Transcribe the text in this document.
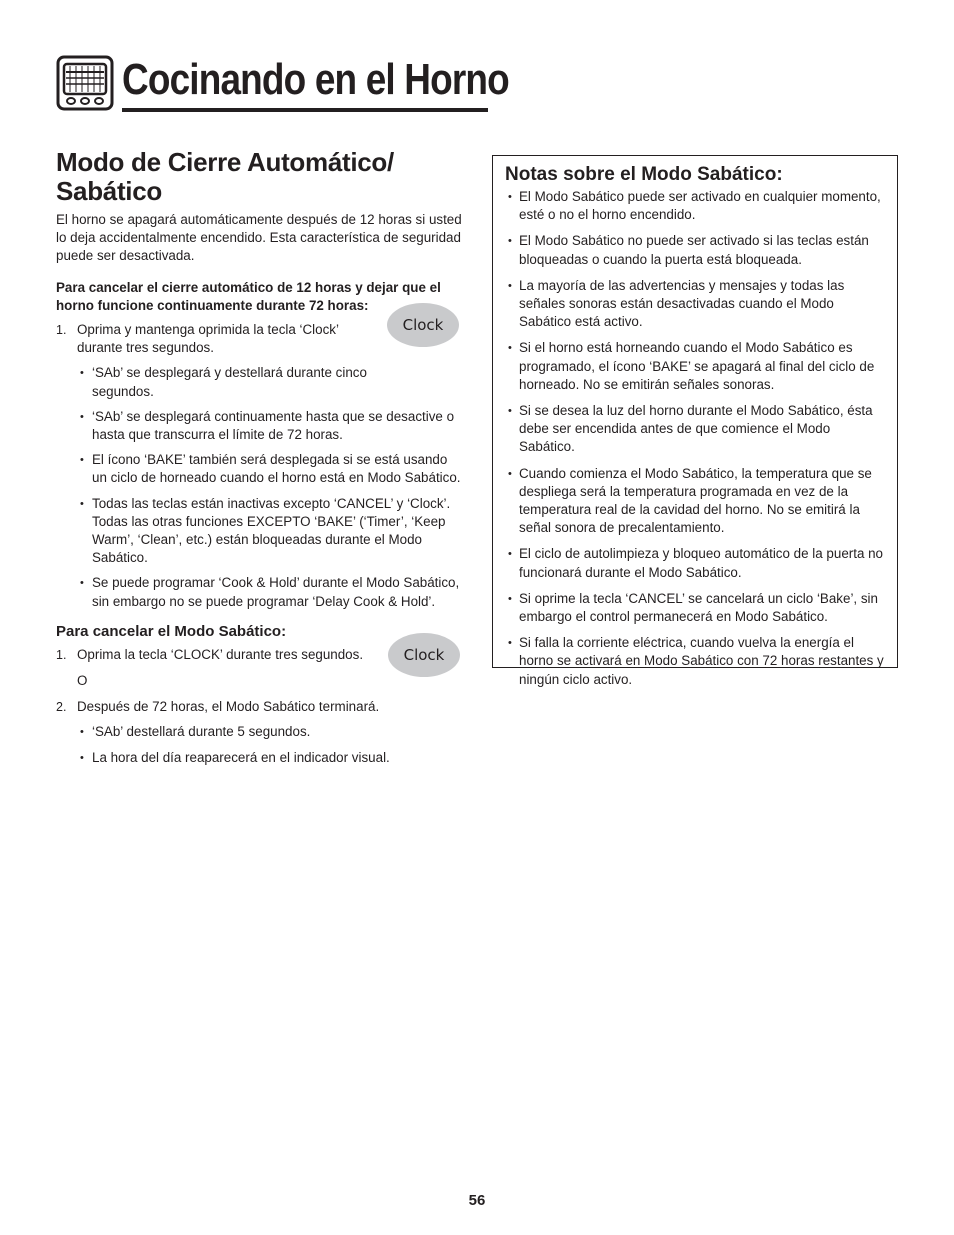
Cocinando en el Horno
Modo de Cierre Automático/
Sabático

El horno se apagará automáticamente después de 12 horas si usted lo deja accidentalmente encendido. Esta característica de seguridad puede ser desactivada.

Para cancelar el cierre automático de 12 horas y dejar que el horno funcione continuamente durante 72 horas:

1. Oprima y mantenga oprimida la tecla ‘Clock’ durante tres segundos.
• ‘SAb’ se desplegará y destellará durante cinco segundos.
• ‘SAb’ se desplegará continuamente hasta que se desactive o hasta que transcurra el límite de 72 horas.
• El ícono ‘BAKE’ también será desplegada si se está usando un ciclo de horneado cuando el horno está en Modo Sabático.
• Todas las teclas están inactivas excepto ‘CANCEL’ y ‘Clock’. Todas las otras funciones EXCEPTO ‘BAKE’ (‘Timer’, ‘Keep Warm’, ‘Clean’, etc.) están bloqueadas durante el Modo Sabático.
• Se puede programar ‘Cook & Hold’ durante el Modo Sabático, sin embargo no se puede programar ‘Delay Cook & Hold’.
Para cancelar el Modo Sabático:
1. Oprima la tecla ‘CLOCK’ durante tres segundos.
O
2. Después de 72 horas, el Modo Sabático terminará.
• ‘SAb’ destellará durante 5 segundos.
• La hora del día reaparecerá en el indicador visual.
Clock
Clock
Notas sobre el Modo Sabático:
• El Modo Sabático puede ser activado en cualquier momento, esté o no el horno encendido.
• El Modo Sabático no puede ser activado si las teclas están bloqueadas o cuando la puerta está bloqueada.
• La mayoría de las advertencias y mensajes y todas las señales sonoras están desactivadas cuando el Modo Sabático está activo.
• Si el horno está horneando cuando el Modo Sabático es programado, el ícono ‘BAKE’ se apagará al final del ciclo de horneado. No se emitirán señales sonoras.
• Si se desea la luz del horno durante el Modo Sabático, ésta debe ser encendida antes de que comience el Modo Sabático.
• Cuando comienza el Modo Sabático, la temperatura que se despliega será la temperatura programada en vez de la temperatura real de la cavidad del horno. No se emitirá la señal sonora de precalentamiento.
• El ciclo de autolimpieza y bloqueo automático de la puerta no funcionará durante el Modo Sabático.
• Si oprime la tecla ‘CANCEL’ se cancelará un ciclo ‘Bake’, sin embargo el control permanecerá en Modo Sabático.
• Si falla la corriente eléctrica, cuando vuelva la energía el horno se activará en Modo Sabático con 72 horas restantes y ningún ciclo activo.
56
